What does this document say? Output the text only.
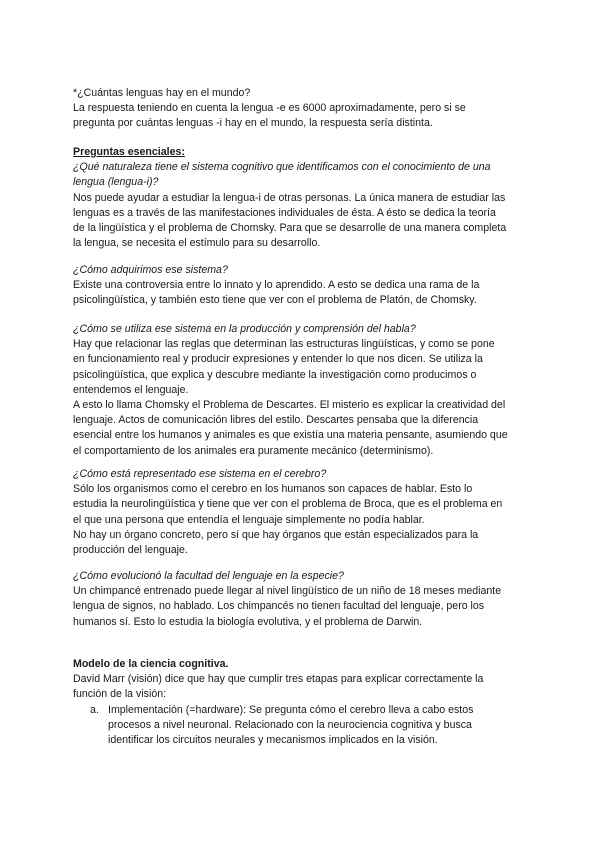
*¿Cuántas lenguas hay en el mundo?
La respuesta teniendo en cuenta la lengua -e es 6000 aproximadamente, pero si se
pregunta por cuántas lenguas -i hay en el mundo, la respuesta sería distinta.
Preguntas esenciales:
¿Qué naturaleza tiene el sistema cognitivo que identificamos con el conocimiento de una
lengua (lengua-i)?
Nos puede ayudar a estudiar la lengua-i de otras personas. La única manera de estudiar las
lenguas es a través de las manifestaciones individuales de ésta. A ésto se dedica la teoría
de la lingüística y el problema de Chomsky. Para que se desarrolle de una manera completa
la lengua, se necesita el estímulo para su desarrollo.
¿Cómo adquirimos ese sistema?
Existe una controversia entre lo innato y lo aprendido. A esto se dedica una rama de la
psicolingüística, y también esto tiene que ver con el problema de Platón, de Chomsky.
¿Cómo se utiliza ese sistema en la producción y comprensión del habla?
Hay que relacionar las reglas que determinan las estructuras lingüísticas, y como se pone
en funcionamiento real y producir expresiones y entender lo que nos dicen. Se utiliza la
psicolingüística, que explica y descubre mediante la investigación como producimos o
entendemos el lenguaje.
A esto lo llama Chomsky el Problema de Descartes. El misterio es explicar la creatividad del
lenguaje. Actos de comunicación libres del estilo. Descartes pensaba que la diferencia
esencial entre los humanos y animales es que existía una materia pensante, asumiendo que
el comportamiento de los animales era puramente mecánico (determinismo).
¿Cómo está representado ese sistema en el cerebro?
Sólo los organismos como el cerebro en los humanos son capaces de hablar. Esto lo
estudia la neurolingüística y tiene que ver con el problema de Broca, que es el problema en
el que una persona que entendía el lenguaje simplemente no podía hablar.
No hay un órgano concreto, pero sí que hay órganos que están especializados para la
producción del lenguaje.
¿Cómo evolucionó la facultad del lenguaje en la especie?
Un chimpancé entrenado puede llegar al nivel lingüístico de un niño de 18 meses mediante
lengua de signos, no hablado. Los chimpancés no tienen facultad del lenguaje, pero los
humanos sí. Esto lo estudia la biología evolutiva, y el problema de Darwin.
Modelo de la ciencia cognitiva.
David Marr (visión) dice que hay que cumplir tres etapas para explicar correctamente la
función de la visión:
a. Implementación (=hardware): Se pregunta cómo el cerebro lleva a cabo estos
procesos a nivel neuronal. Relacionado con la neurociencia cognitiva y busca
identificar los circuitos neurales y mecanismos implicados en la visión.
